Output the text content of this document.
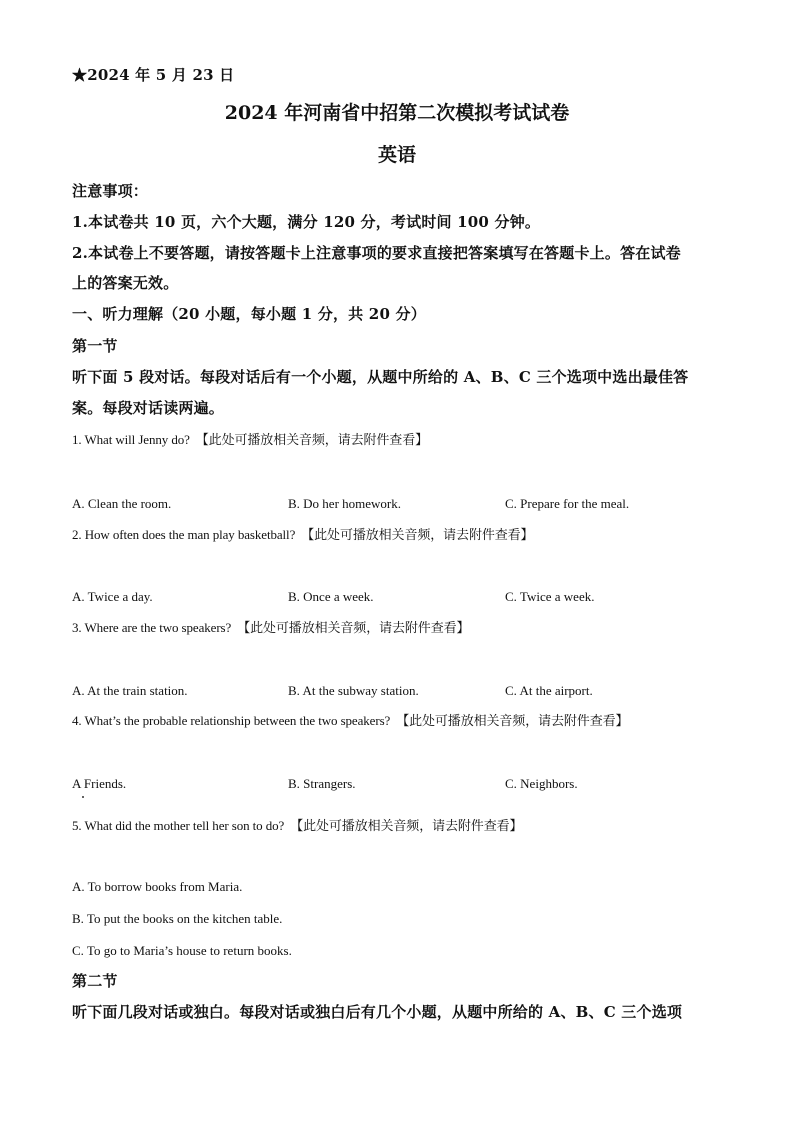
★2024 年 5 月 23 日
2024 年河南省中招第二次模拟考试试卷
英语
注意事项：
1.本试卷共 10 页，六个大题，满分 120 分，考试时间 100 分钟。
2.本试卷上不要答题，请按答题卡上注意事项的要求直接把答案填写在答题卡上。答在试卷
上的答案无效。
一、听力理解（20 小题，每小题 1 分，共 20 分）
第一节
听下面 5 段对话。每段对话后有一个小题，从题中所给的 A、B、C 三个选项中选出最佳答
案。每段对话读两遍。
1. What will Jenny do? 【此处可播放相关音频，请去附件查看】
A. Clean the room.	B. Do her homework.	C. Prepare for the meal.
2. How often does the man play basketball? 【此处可播放相关音频，请去附件查看】
A. Twice a day.	B. Once a week.	C. Twice a week.
3. Where are the two speakers? 【此处可播放相关音频，请去附件查看】
A. At the train station.	B. At the subway station.	C. At the airport.
4. What’s the probable relationship between the two speakers? 【此处可播放相关音频，请去附件查看】
A Friends.	B. Strangers.	C. Neighbors.
5. What did the mother tell her son to do? 【此处可播放相关音频，请去附件查看】
A. To borrow books from Maria.
B. To put the books on the kitchen table.
C. To go to Maria’s house to return books.
第二节
听下面几段对话或独白。每段对话或独白后有几个小题，从题中所给的 A、B、C 三个选项
